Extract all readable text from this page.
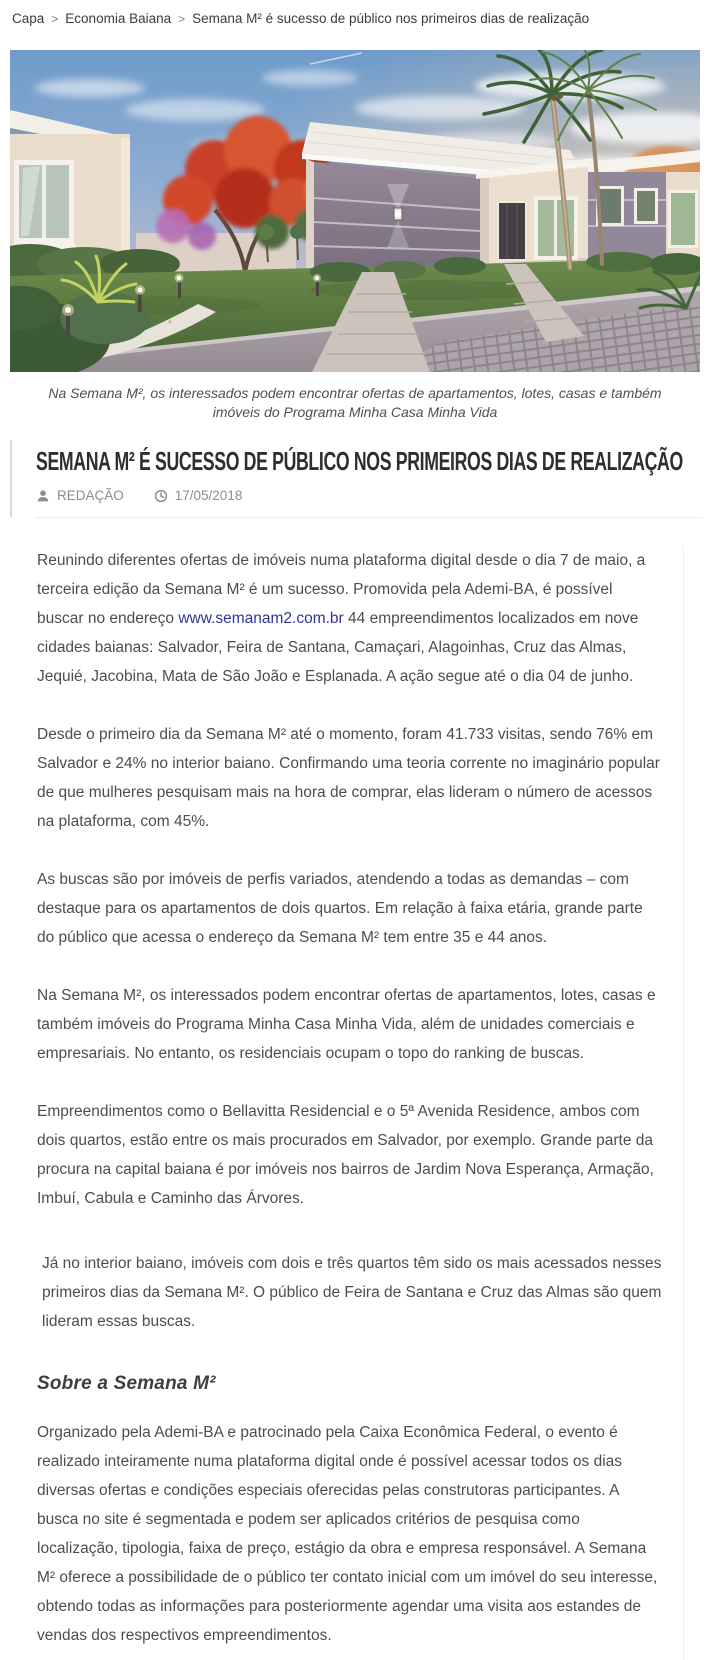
Capa > Economia Baiana > Semana M² é sucesso de público nos primeiros dias de realização

Na Semana M², os interessados podem encontrar ofertas de apartamentos, lotes, casas e também imóveis do Programa Minha Casa Minha Vida

SEMANA M² É SUCESSO DE PÚBLICO NOS PRIMEIROS DIAS DE REALIZAÇÃO
REDAÇÃO	17/05/2018

Reunindo diferentes ofertas de imóveis numa plataforma digital desde o dia 7 de maio, a terceira edição da Semana M² é um sucesso. Promovida pela Ademi-BA, é possível buscar no endereço www.semanam2.com.br 44 empreendimentos localizados em nove cidades baianas: Salvador, Feira de Santana, Camaçari, Alagoinhas, Cruz das Almas, Jequié, Jacobina, Mata de São João e Esplanada. A ação segue até o dia 04 de junho.

Desde o primeiro dia da Semana M² até o momento, foram 41.733 visitas, sendo 76% em Salvador e 24% no interior baiano. Confirmando uma teoria corrente no imaginário popular de que mulheres pesquisam mais na hora de comprar, elas lideram o número de acessos na plataforma, com 45%.

As buscas são por imóveis de perfis variados, atendendo a todas as demandas – com destaque para os apartamentos de dois quartos. Em relação à faixa etária, grande parte do público que acessa o endereço da Semana M² tem entre 35 e 44 anos.

Na Semana M², os interessados podem encontrar ofertas de apartamentos, lotes, casas e também imóveis do Programa Minha Casa Minha Vida, além de unidades comerciais e empresariais. No entanto, os residenciais ocupam o topo do ranking de buscas.

Empreendimentos como o Bellavitta Residencial e o 5ª Avenida Residence, ambos com dois quartos, estão entre os mais procurados em Salvador, por exemplo. Grande parte da procura na capital baiana é por imóveis nos bairros de Jardim Nova Esperança, Armação, Imbuí, Cabula e Caminho das Árvores.

Já no interior baiano, imóveis com dois e três quartos têm sido os mais acessados nesses primeiros dias da Semana M². O público de Feira de Santana e Cruz das Almas são quem lideram essas buscas.

Sobre a Semana M²

Organizado pela Ademi-BA e patrocinado pela Caixa Econômica Federal, o evento é realizado inteiramente numa plataforma digital onde é possível acessar todos os dias diversas ofertas e condições especiais oferecidas pelas construtoras participantes. A busca no site é segmentada e podem ser aplicados critérios de pesquisa como localização, tipologia, faixa de preço, estágio da obra e empresa responsável. A Semana M² oferece a possibilidade de o público ter contato inicial com um imóvel do seu interesse, obtendo todas as informações para posteriormente agendar uma visita aos estandes de vendas dos respectivos empreendimentos.
